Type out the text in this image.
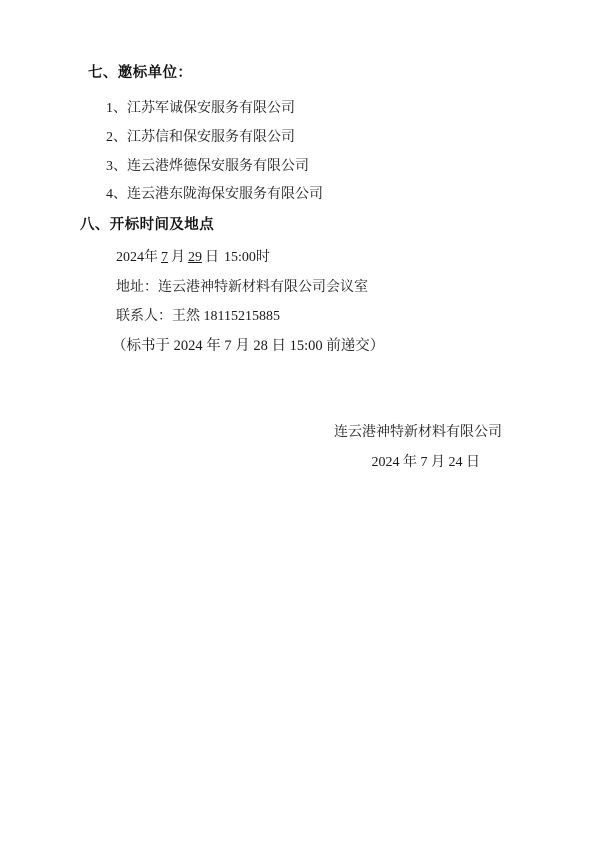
七、邀标单位：
1、江苏军诚保安服务有限公司
2、江苏信和保安服务有限公司
3、连云港烨德保安服务有限公司
4、连云港东陇海保安服务有限公司
八、开标时间及地点
2024年 7 月 29 日 15:00时
地址：连云港神特新材料有限公司会议室
联系人：王然 18115215885
（标书于 2024 年 7 月 28 日 15:00 前递交）
连云港神特新材料有限公司
2024 年 7 月 24 日
